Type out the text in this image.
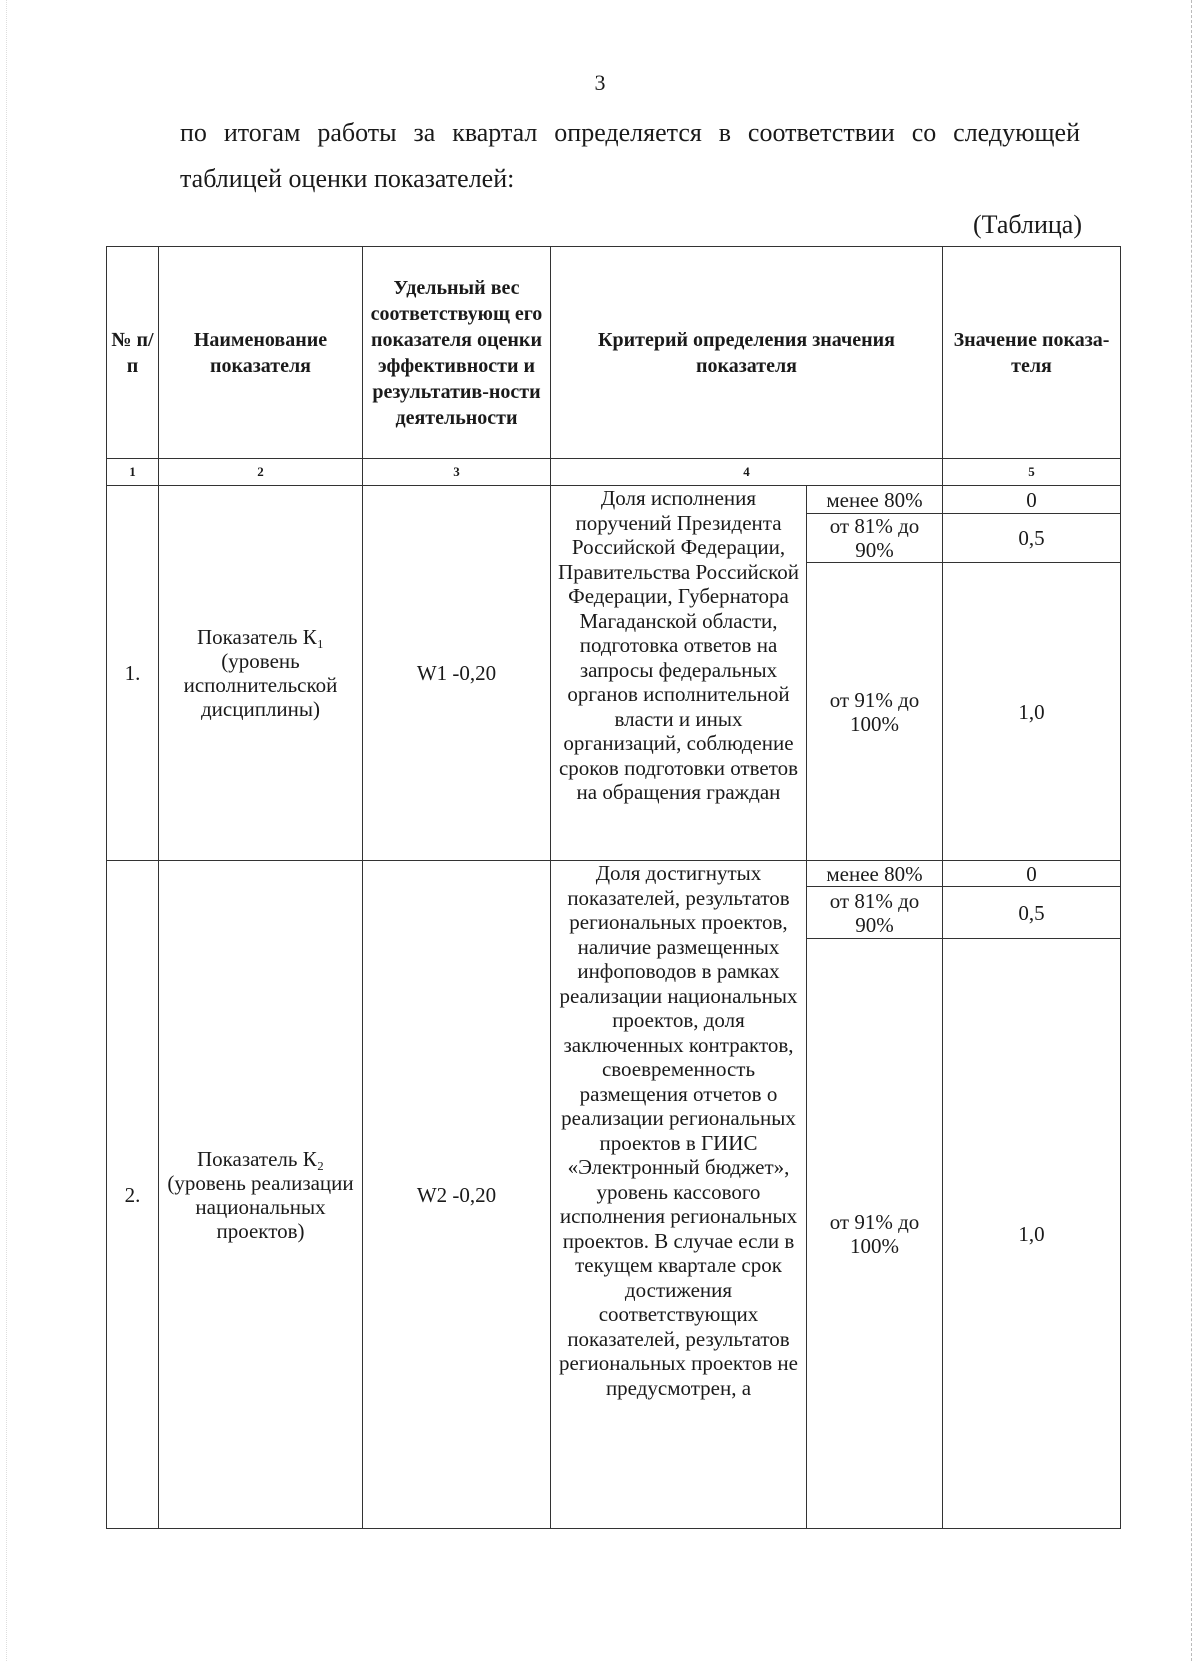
3
по итогам работы за квартал определяется в соответствии со следующей
таблицей оценки показателей:
(Таблица)
№ п/п	Наименование показателя	Удельный вес соответствующ его показателя оценки эффективности и результатив-ности деятельности	Критерий определения значения показателя		Значение показа-теля
1	2	3	4		5
1.	Показатель К₁ (уровень исполнительской дисциплины)	W1 -0,20	Доля исполнения поручений Президента Российской Федерации, Правительства Российской Федерации, Губернатора Магаданской области, подготовка ответов на запросы федеральных органов исполнительной власти и иных организаций, соблюдение сроков подготовки ответов на обращения граждан	менее 80%	0
				от 81% до 90%	0,5
				от 91% до 100%	1,0
2.	Показатель К₂ (уровень реализации национальных проектов)	W2 -0,20	Доля достигнутых показателей, результатов региональных проектов, наличие размещенных инфоповодов в рамках реализации национальных проектов, доля заключенных контрактов, своевременность размещения отчетов о реализации региональных проектов в ГИИС «Электронный бюджет», уровень кассового исполнения региональных проектов. В случае если в текущем квартале срок достижения соответствующих показателей, результатов региональных проектов не предусмотрен, а	менее 80%	0
				от 81% до 90%	0,5
				от 91% до 100%	1,0
